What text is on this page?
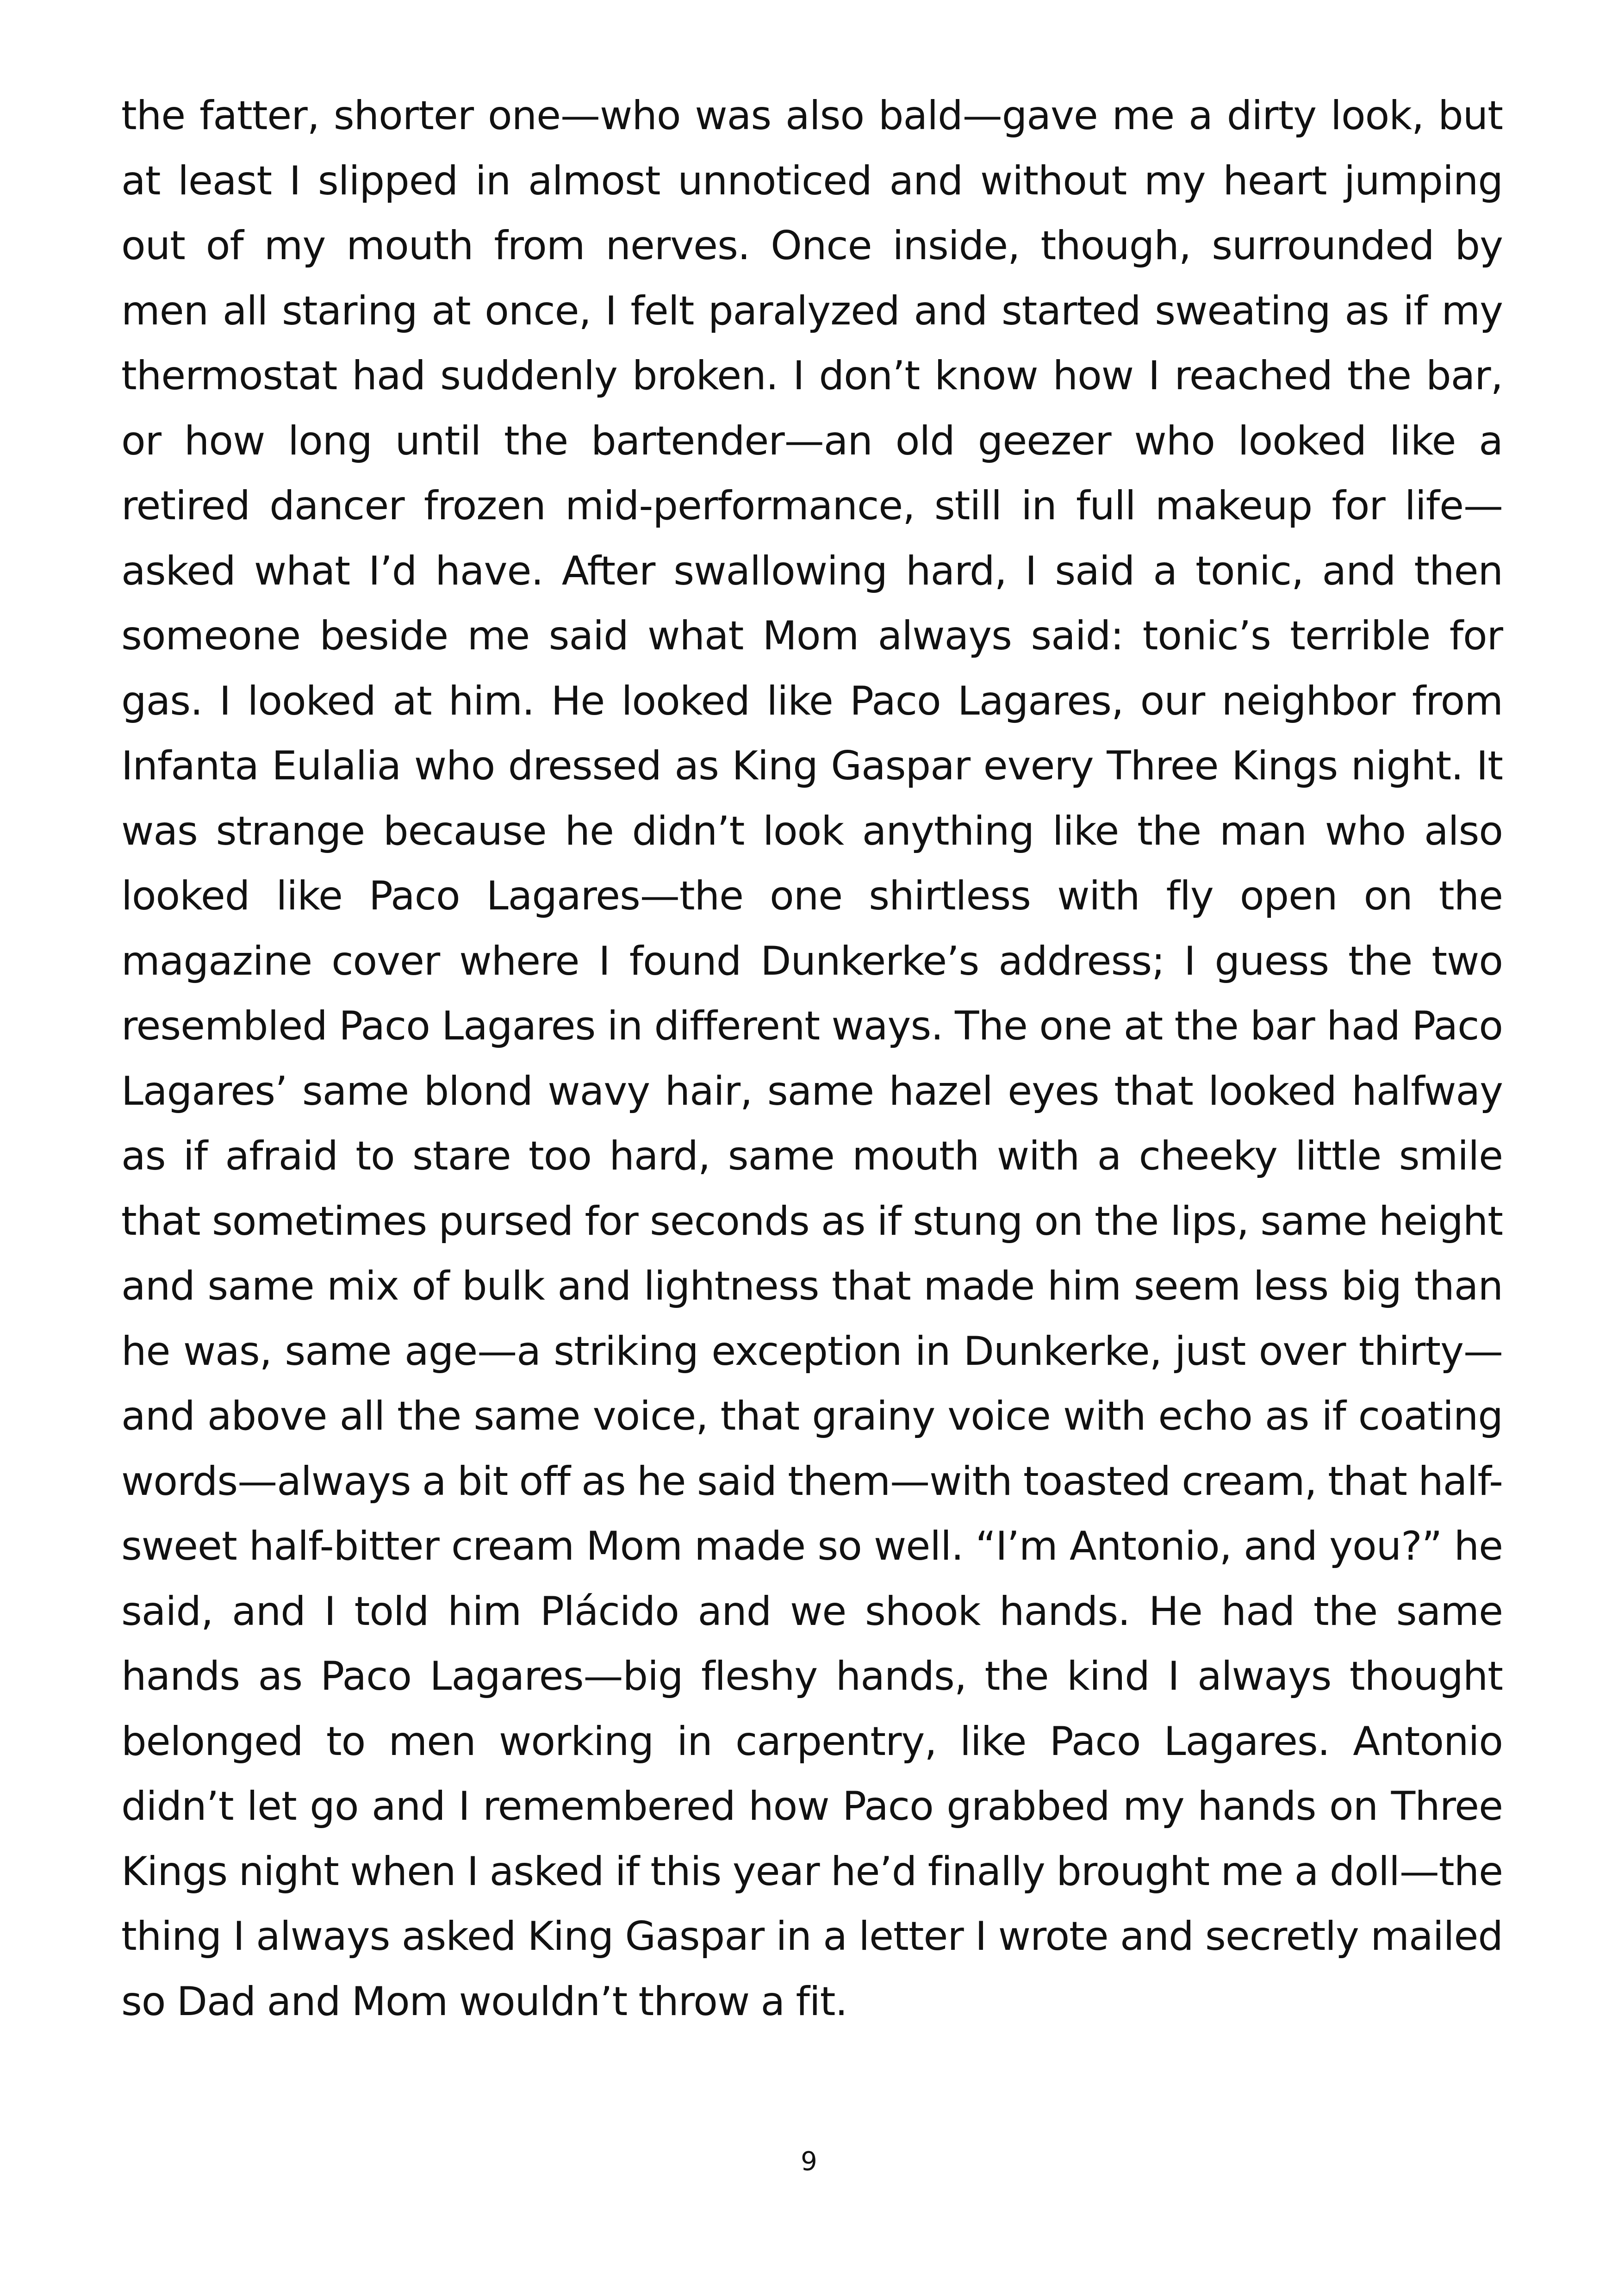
the fatter, shorter one—who was also bald—gave me a dirty look, but at least I slipped in almost unnoticed and without my heart jumping out of my mouth from nerves. Once inside, though, surrounded by men all staring at once, I felt paralyzed and started sweating as if my thermostat had suddenly broken. I don’t know how I reached the bar, or how long until the bartender—an old geezer who looked like a retired dancer frozen mid-performance, still in full makeup for life—asked what I’d have. After swallowing hard, I said a tonic, and then someone beside me said what Mom always said: tonic’s terrible for gas. I looked at him. He looked like Paco Lagares, our neighbor from Infanta Eulalia who dressed as King Gaspar every Three Kings night. It was strange because he didn’t look anything like the man who also looked like Paco Lagares—the one shirtless with fly open on the magazine cover where I found Dunkerke’s address; I guess the two resembled Paco Lagares in different ways. The one at the bar had Paco Lagares’ same blond wavy hair, same hazel eyes that looked halfway as if afraid to stare too hard, same mouth with a cheeky little smile that sometimes pursed for seconds as if stung on the lips, same height and same mix of bulk and lightness that made him seem less big than he was, same age—a striking exception in Dunkerke, just over thirty—and above all the same voice, that grainy voice with echo as if coating words—always a bit off as he said them—with toasted cream, that half-sweet half-bitter cream Mom made so well. “I’m Antonio, and you?” he said, and I told him Plácido and we shook hands. He had the same hands as Paco Lagares—big fleshy hands, the kind I always thought belonged to men working in carpentry, like Paco Lagares. Antonio didn’t let go and I remembered how Paco grabbed my hands on Three Kings night when I asked if this year he’d finally brought me a doll—the thing I always asked King Gaspar in a letter I wrote and secretly mailed so Dad and Mom wouldn’t throw a fit.

9
